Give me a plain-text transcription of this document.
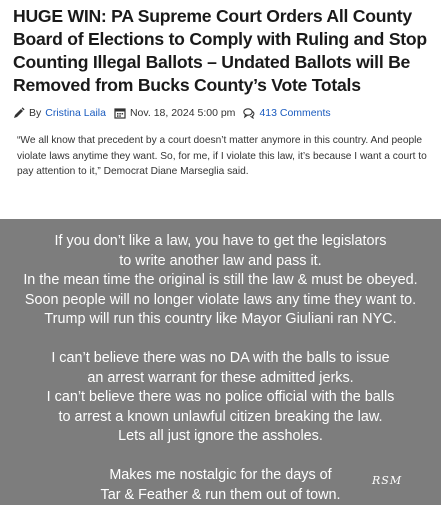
HUGE WIN: PA Supreme Court Orders All County Board of Elections to Comply with Ruling and Stop Counting Illegal Ballots – Undated Ballots will Be Removed from Bucks County’s Vote Totals
By Cristina Laila Nov. 18, 2024 5:00 pm 413 Comments

“We all know that precedent by a court doesn’t matter anymore in this country. And people violate laws anytime they want. So, for me, if I violate this law, it’s because I want a court to pay attention to it,” Democrat Diane Marseglia said.

If you don’t like a law, you have to get the legislators

to write another law and pass it.

In the mean time the original is still the law & must be obeyed.

Soon people will no longer violate laws any time they want to.

Trump will run this country like Mayor Giuliani ran NYC.

I can’t believe there was no DA with the balls to issue

an arrest warrant for these admitted jerks.

I can’t believe there was no police official with the balls

to arrest a known unlawful citizen breaking the law.

Lets all just ignore the assholes.

Makes me nostalgic for the days of

Tar & Feather & run them out of town.

RSM
